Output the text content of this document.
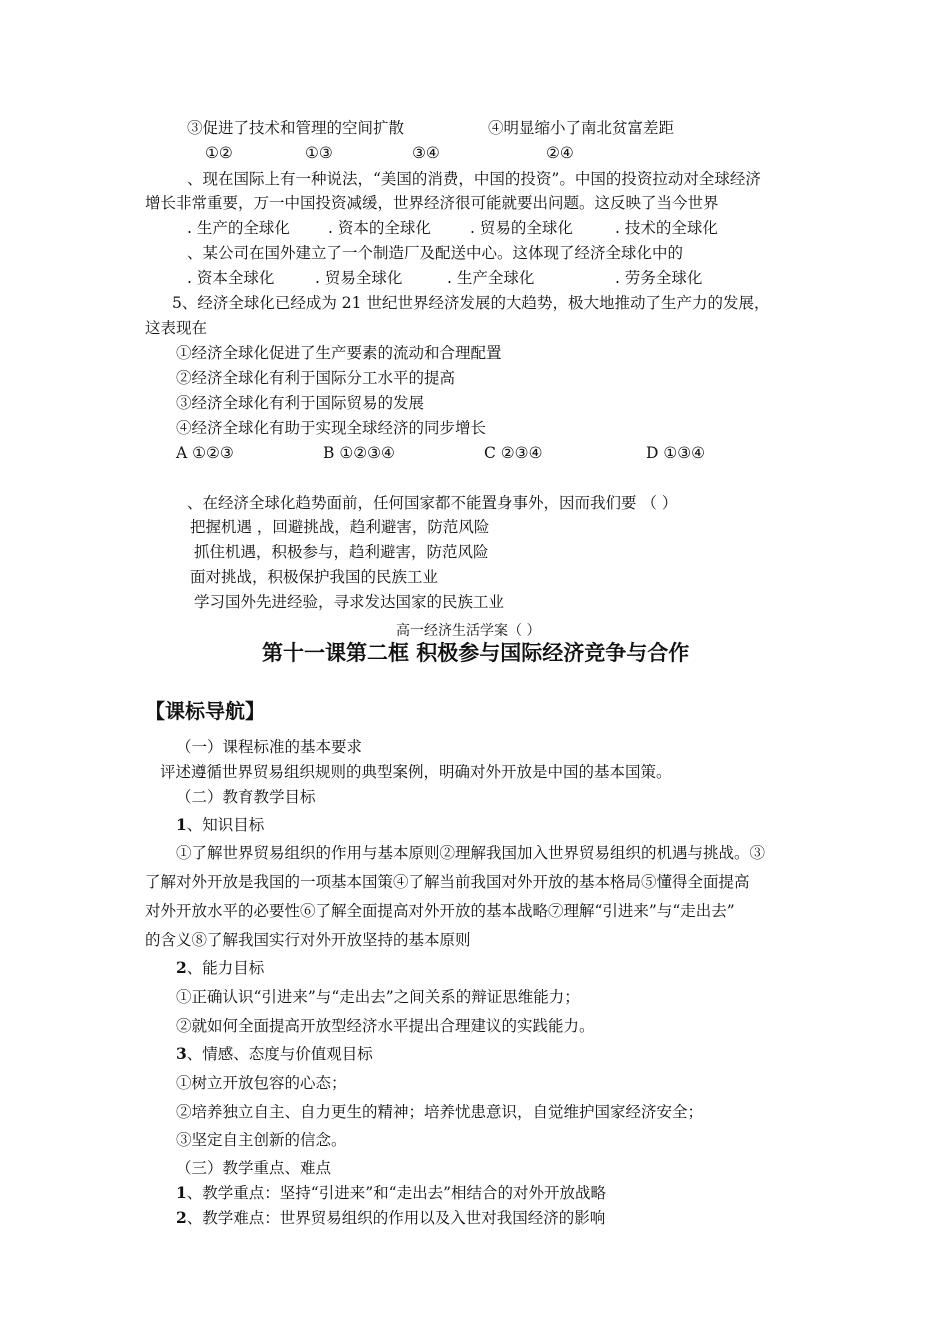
③促进了技术和管理的空间扩散	④明显缩小了南北贫富差距
①②	①③	③④	②④
、现在国际上有一种说法，“美国的消费，中国的投资”。中国的投资拉动对全球经济
增长非常重要，万一中国投资减缓，世界经济很可能就要出问题。这反映了当今世界
. 生产的全球化 . 资本的全球化	. 贸易的全球化	. 技术的全球化
、某公司在国外建立了一个制造厂及配送中心。这体现了经济全球化中的
. 资本全球化	. 贸易全球化	. 生产全球化	. 劳务全球化
5、经济全球化已经成为 21 世纪世界经济发展的大趋势，极大地推动了生产力的发展，
这表现在
①经济全球化促进了生产要素的流动和合理配置
②经济全球化有利于国际分工水平的提高
③经济全球化有利于国际贸易的发展
④经济全球化有助于实现全球经济的同步增长
A ①②③	B ①②③④	C ②③④	D ①③④
、在经济全球化趋势面前，任何国家都不能置身事外，因而我们要 （ ）
把握机遇 ，回避挑战，趋利避害，防范风险
抓住机遇，积极参与，趋利避害，防范风险
面对挑战，积极保护我国的民族工业
学习国外先进经验，寻求发达国家的民族工业
高一经济生活学案（ ）
第十一课第二框 积极参与国际经济竞争与合作
【课标导航】
（一）课程标准的基本要求
评述遵循世界贸易组织规则的典型案例，明确对外开放是中国的基本国策。
（二）教育教学目标
1、知识目标
①了解世界贸易组织的作用与基本原则②理解我国加入世界贸易组织的机遇与挑战。③
了解对外开放是我国的一项基本国策④了解当前我国对外开放的基本格局⑤懂得全面提高
对外开放水平的必要性⑥了解全面提高对外开放的基本战略⑦理解“引进来”与“走出去”
的含义⑧了解我国实行对外开放坚持的基本原则
2、能力目标
①正确认识“引进来”与“走出去”之间关系的辩证思维能力；
②就如何全面提高开放型经济水平提出合理建议的实践能力。
3、情感、态度与价值观目标
①树立开放包容的心态；
②培养独立自主、自力更生的精神；培养忧患意识，自觉维护国家经济安全；
③坚定自主创新的信念。
（三）教学重点、难点
1、教学重点：坚持“引进来”和“走出去”相结合的对外开放战略
2、教学难点：世界贸易组织的作用以及入世对我国经济的影响
